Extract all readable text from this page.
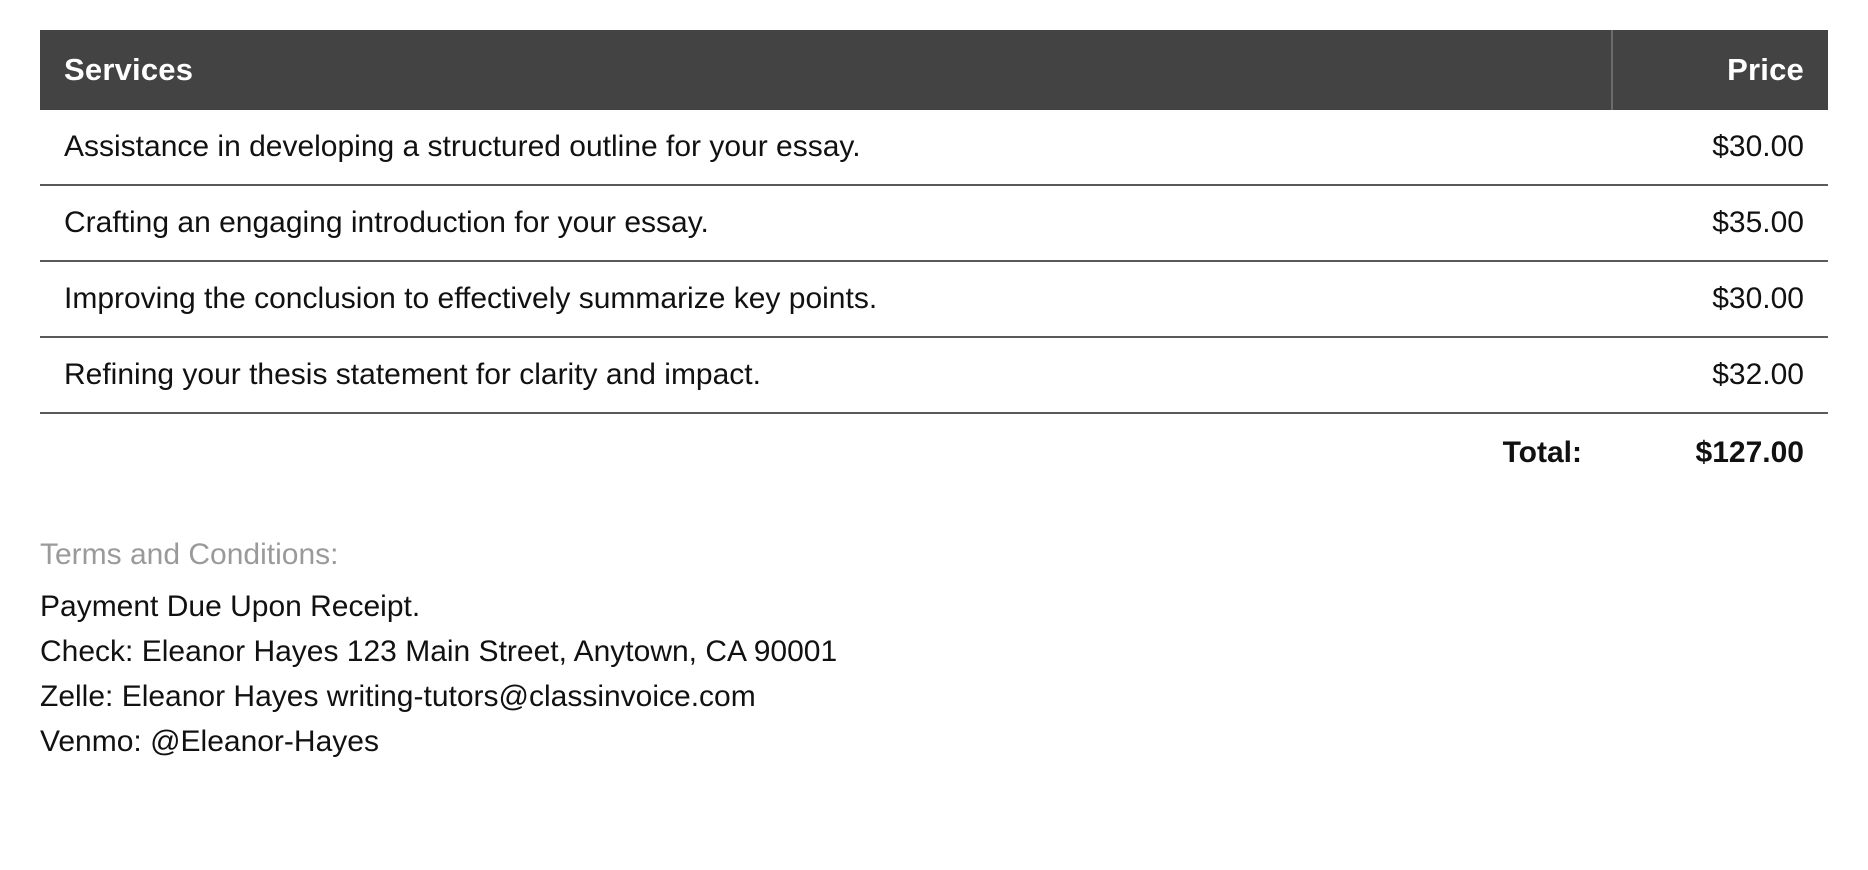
Services	Price
Assistance in developing a structured outline for your essay.	$30.00
Crafting an engaging introduction for your essay.	$35.00
Improving the conclusion to effectively summarize key points.	$30.00
Refining your thesis statement for clarity and impact.	$32.00
Total:	$127.00
Terms and Conditions:
Payment Due Upon Receipt.
Check: Eleanor Hayes 123 Main Street, Anytown, CA 90001
Zelle: Eleanor Hayes writing-tutors@classinvoice.com
Venmo: @Eleanor-Hayes
